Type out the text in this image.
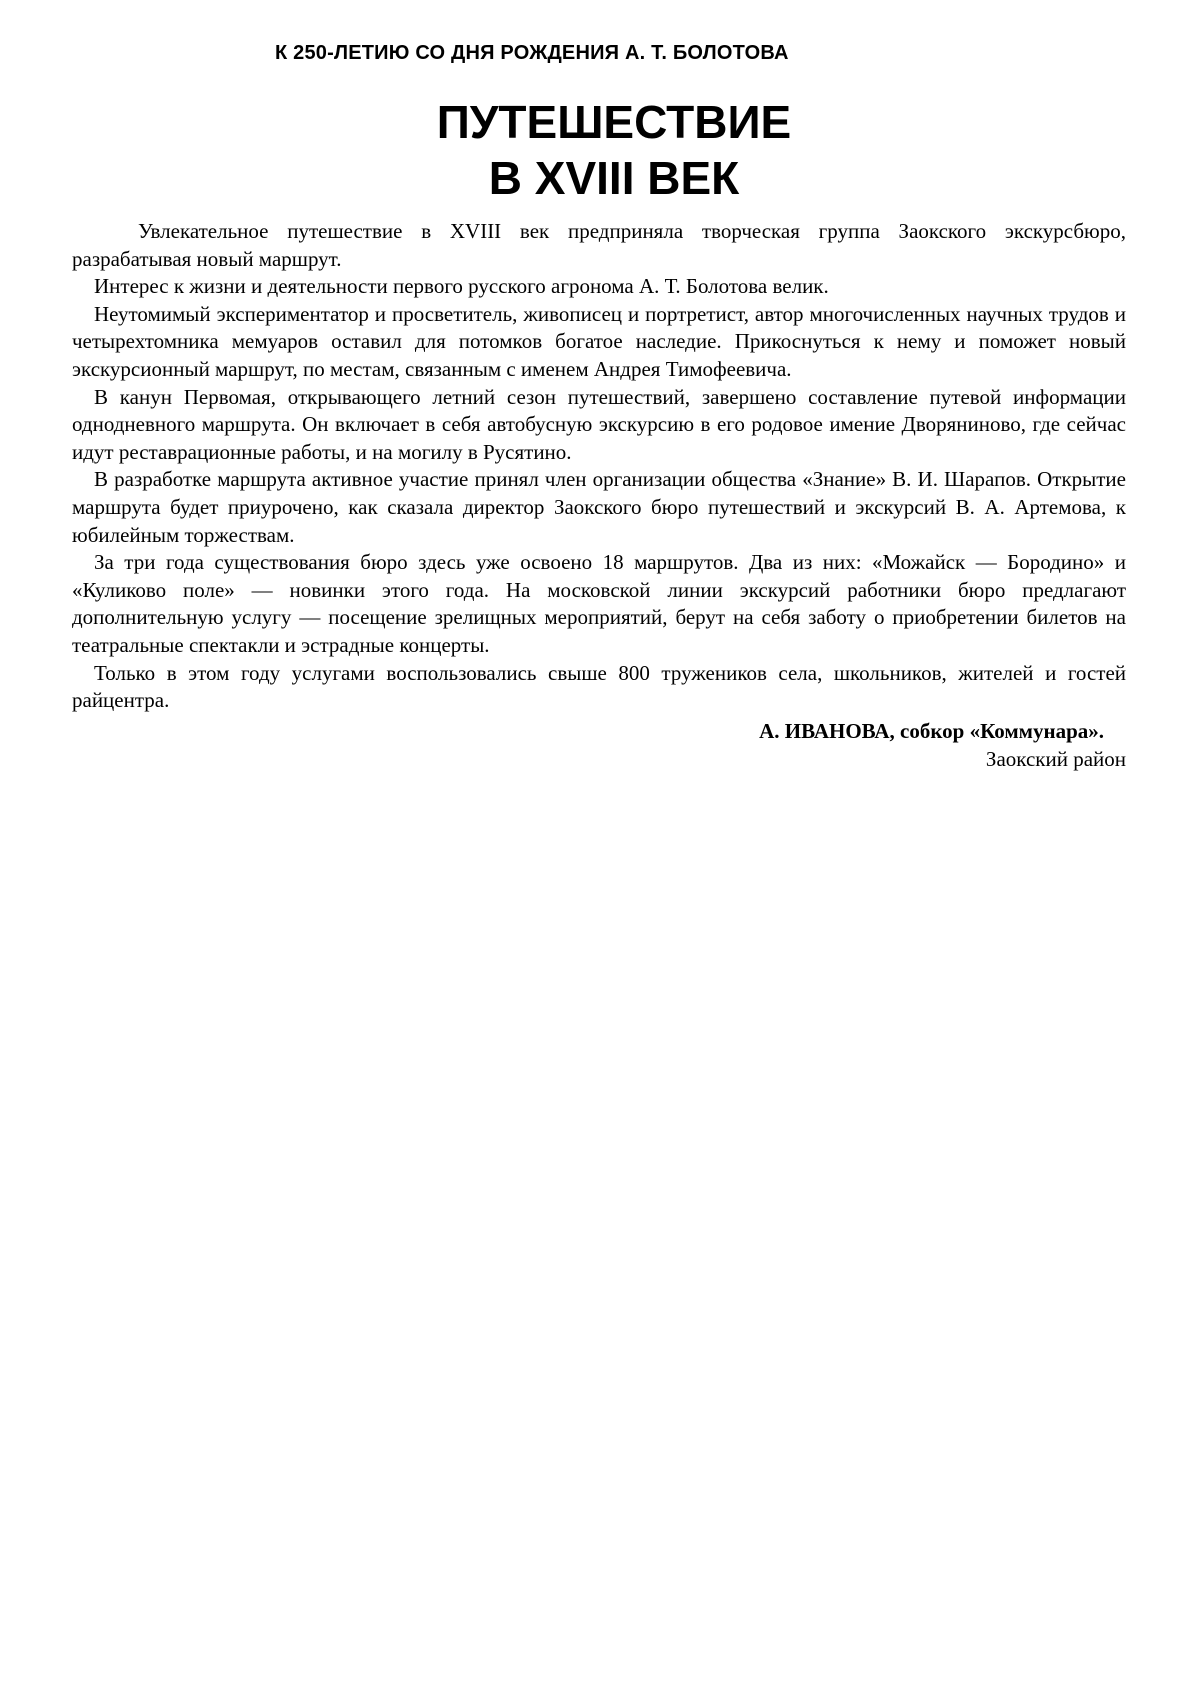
К 250-ЛЕТИЮ СО ДНЯ РОЖДЕНИЯ А. Т. БОЛОТОВА
ПУТЕШЕСТВИЕ
В XVIII ВЕК

Увлекательное путешествие в XVIII век предприняла творческая группа Заокского экскурсбюро, разрабатывая новый маршрут.

Интерес к жизни и деятельности первого русского агронома А. Т. Болотова велик.

Неутомимый экспериментатор и просветитель, живописец и портретист, автор многочисленных научных трудов и четырехтомника мемуаров оставил для потомков богатое наследие. Прикоснуться к нему и поможет новый экскурсионный маршрут, по местам, связанным с именем Андрея Тимофеевича.

В канун Первомая, открывающего летний сезон путешествий, завершено составление путевой информации однодневного маршрута. Он включает в себя автобусную экскурсию в его родовое имение Дворяниново, где сейчас идут реставрационные работы, и на могилу в Русятино.

В разработке маршрута активное участие принял член организации общества «Знание» В. И. Шарапов. Открытие маршрута будет приурочено, как сказала директор Заокского бюро путешествий и экскурсий В. А. Артемова, к юбилейным торжествам.

За три года существования бюро здесь уже освоено 18 маршрутов. Два из них: «Можайск — Бородино» и «Куликово поле» — новинки этого года. На московской линии экскурсий работники бюро предлагают дополнительную услугу — посещение зрелищных мероприятий, берут на себя заботу о приобретении билетов на театральные спектакли и эстрадные концерты.

Только в этом году услугами воспользовались свыше 800 тружеников села, школьников, жителей и гостей райцентра.

А. ИВАНОВА, собкор «Коммунара».
Заокский район
